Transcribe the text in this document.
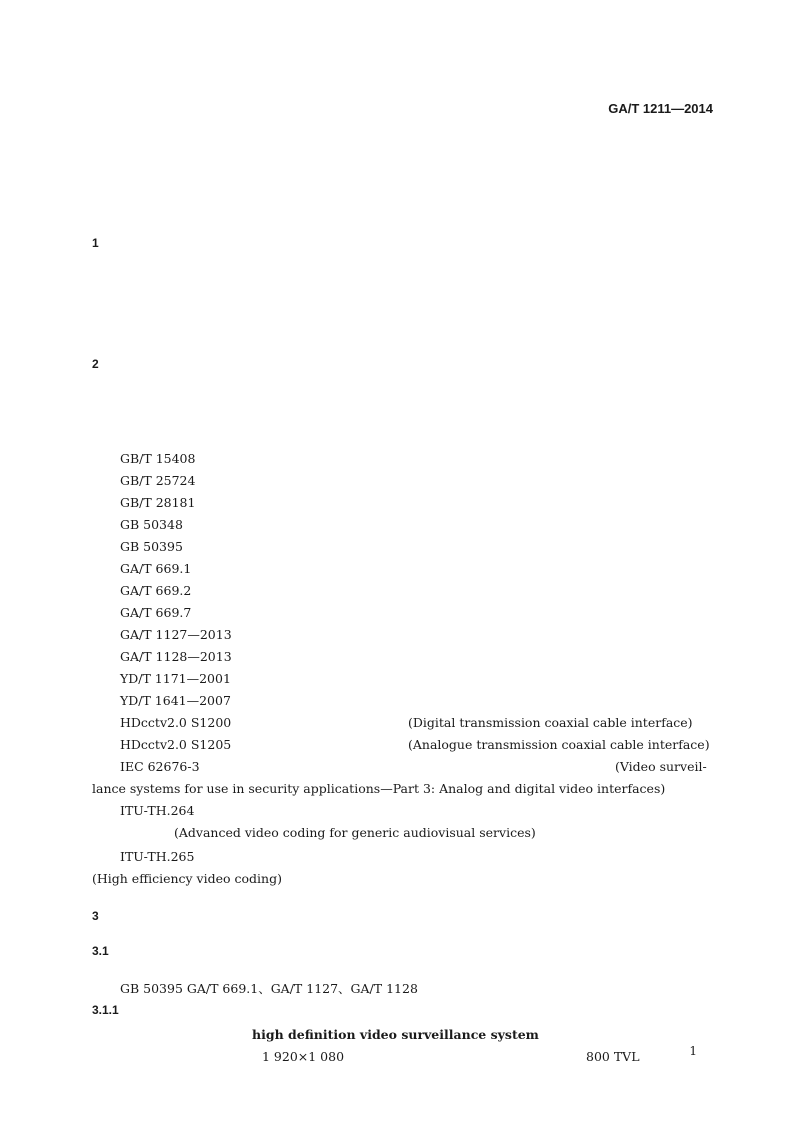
GA/T 1211—2014
1
2
GB/T 15408
GB/T 25724
GB/T 28181
GB 50348
GB 50395
GA/T 669.1
GA/T 669.2
GA/T 669.7
GA/T 1127—2013
GA/T 1128—2013
YD/T 1171—2001
YD/T 1641—2007
HDcctv2.0 S1200	(Digital transmission coaxial cable interface)
HDcctv2.0 S1205	(Analogue transmission coaxial cable interface)
IEC 62676-3	(Video surveil-
lance systems for use in security applications—Part 3: Analog and digital video interfaces)
ITU-TH.264
(Advanced video coding for generic audiovisual services)
ITU-TH.265
(High efficiency video coding)
3
3.1
GB 50395 GA/T 669.1、GA/T 1127、GA/T 1128
3.1.1
high definition video surveillance system
1 920×1 080	800 TVL	1
